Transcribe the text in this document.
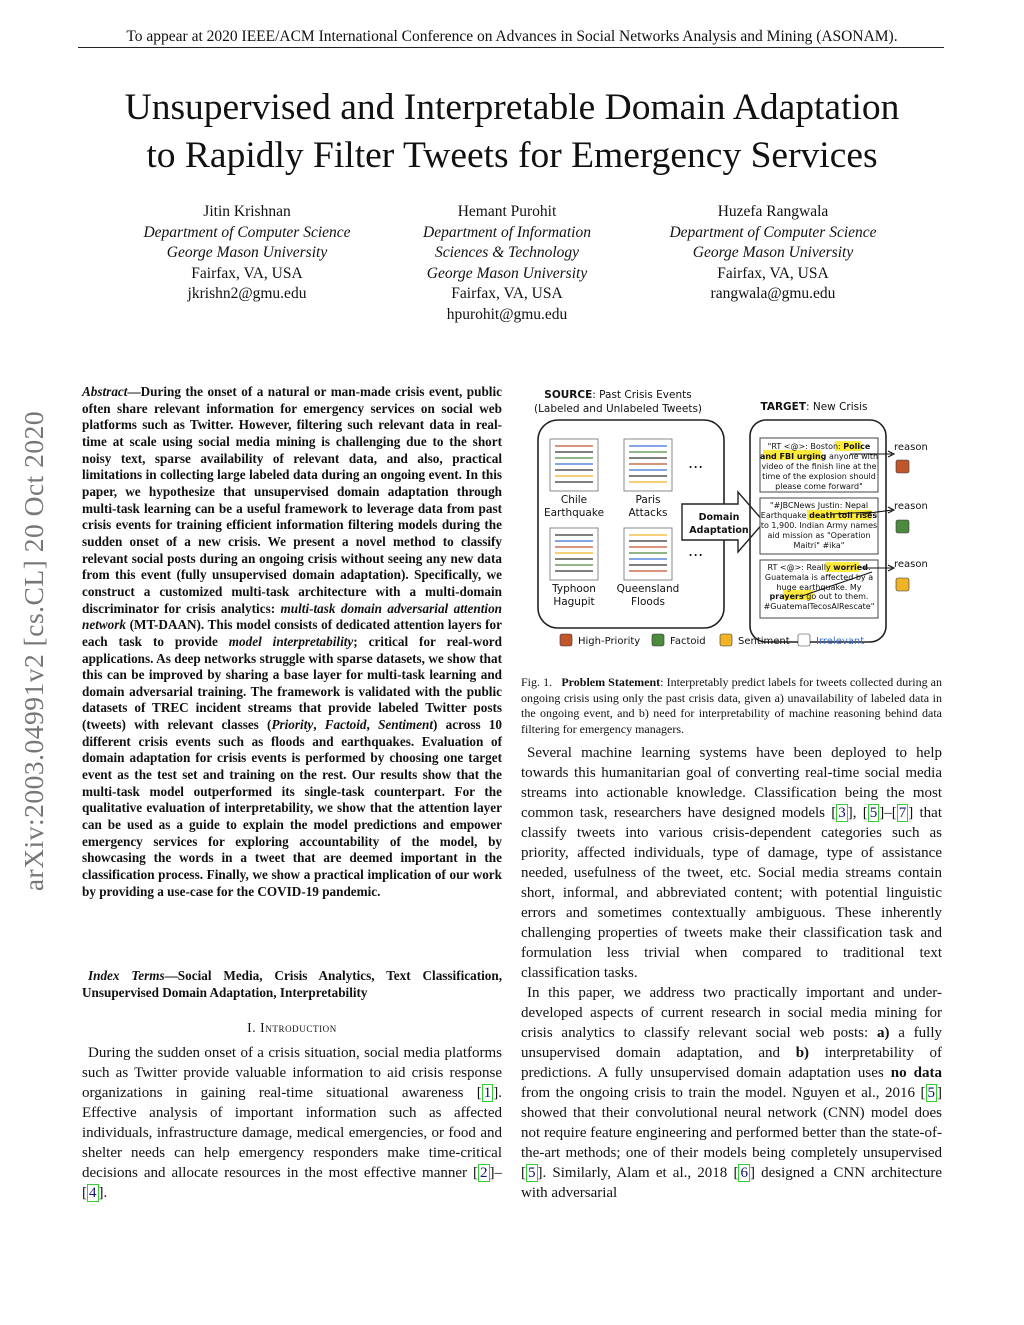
To appear at 2020 IEEE/ACM International Conference on Advances in Social Networks Analysis and Mining (ASONAM).
Unsupervised and Interpretable Domain Adaptation
to Rapidly Filter Tweets for Emergency Services
Jitin Krishnan
Department of Computer Science
George Mason University
Fairfax, VA, USA
jkrishn2@gmu.edu
Hemant Purohit
Department of Information
Sciences & Technology
George Mason University
Fairfax, VA, USA
hpurohit@gmu.edu
Huzefa Rangwala
Department of Computer Science
George Mason University
Fairfax, VA, USA
rangwala@gmu.edu
arXiv:2003.04991v2 [cs.CL] 20 Oct 2020
Abstract—During the onset of a natural or man-made crisis event, public often share relevant information for emergency services on social web platforms such as Twitter. However, filtering such relevant data in real-time at scale using social media mining is challenging due to the short noisy text, sparse availability of relevant data, and also, practical limitations in collecting large labeled data during an ongoing event. In this paper, we hypothesize that unsupervised domain adaptation through multi-task learning can be a useful framework to leverage data from past crisis events for training efficient information filtering models during the sudden onset of a new crisis. We present a novel method to classify relevant social posts during an ongoing crisis without seeing any new data from this event (fully unsupervised domain adaptation). Specifically, we construct a customized multi-task architecture with a multi-domain discriminator for crisis analytics: multi-task domain adversarial attention network (MT-DAAN). This model consists of dedicated attention layers for each task to provide model interpretability; critical for real-word applications. As deep networks struggle with sparse datasets, we show that this can be improved by sharing a base layer for multi-task learning and domain adversarial training. The framework is validated with the public datasets of TREC incident streams that provide labeled Twitter posts (tweets) with relevant classes (Priority, Factoid, Sentiment) across 10 different crisis events such as floods and earthquakes. Evaluation of domain adaptation for crisis events is performed by choosing one target event as the test set and training on the rest. Our results show that the multi-task model outperformed its single-task counterpart. For the qualitative evaluation of interpretability, we show that the attention layer can be used as a guide to explain the model predictions and empower emergency services for exploring accountability of the model, by showcasing the words in a tweet that are deemed important in the classification process. Finally, we show a practical implication of our work by providing a use-case for the COVID-19 pandemic.
Index Terms—Social Media, Crisis Analytics, Text Classification, Unsupervised Domain Adaptation, Interpretability
I. Introduction
During the sudden onset of a crisis situation, social media platforms such as Twitter provide valuable information to aid crisis response organizations in gaining real-time situational awareness [ 1 ]. Effective analysis of important information such as affected individuals, infrastructure damage, medical emergencies, or food and shelter needs can help emergency responders make time-critical decisions and allocate resources in the most effective manner [ 2 ]–[ 4 ].
SOURCE: Past Crisis Events
(Labeled and Unlabeled Tweets)	TARGET: New Crisis
Chile
Earthquake
Paris
Attacks
Typhoon
Hagupit
Queensland
Floods
...
...
Domain
Adaptation
"RT <@>: Boston: Police
and FBI urging anyone with
video of the finish line at the
time of the explosion should
please come forward"
"#JBCNews Justin: Nepal
Earthquake death toll rises
to 1,900. Indian Army names
aid mission as "Operation
Maitri" #ika"
RT <@>: Really worried.
Guatemala is affected by a
huge earthquake. My
prayers go out to them.
#GuatemalTecosAlRescate"
reason
reason
reason
High-Priority	Factoid	Sentiment	Irrelevant
Fig. 1. Problem Statement: Interpretably predict labels for tweets collected during an ongoing crisis using only the past crisis data, given a) unavailability of labeled data in the ongoing event, and b) need for interpretability of machine reasoning behind data filtering for emergency managers.
Several machine learning systems have been deployed to help towards this humanitarian goal of converting real-time social media streams into actionable knowledge. Classification being the most common task, researchers have designed models [ 3 ], [ 5 ]–[ 7 ] that classify tweets into various crisis-dependent categories such as priority, affected individuals, type of damage, type of assistance needed, usefulness of the tweet, etc. Social media streams contain short, informal, and abbreviated content; with potential linguistic errors and sometimes contextually ambiguous. These inherently challenging properties of tweets make their classification task and formulation less trivial when compared to traditional text classification tasks.
In this paper, we address two practically important and under-developed aspects of current research in social media mining for crisis analytics to classify relevant social web posts: a) a fully unsupervised domain adaptation, and b) interpretability of predictions. A fully unsupervised domain adaptation uses no data from the ongoing crisis to train the model. Nguyen et al., 2016 [ 5 ] showed that their convolutional neural network (CNN) model does not require feature engineering and performed better than the state-of-the-art methods; one of their models being completely unsupervised [ 5 ]. Similarly, Alam et al., 2018 [ 6 ] designed a CNN architecture with adversarial
